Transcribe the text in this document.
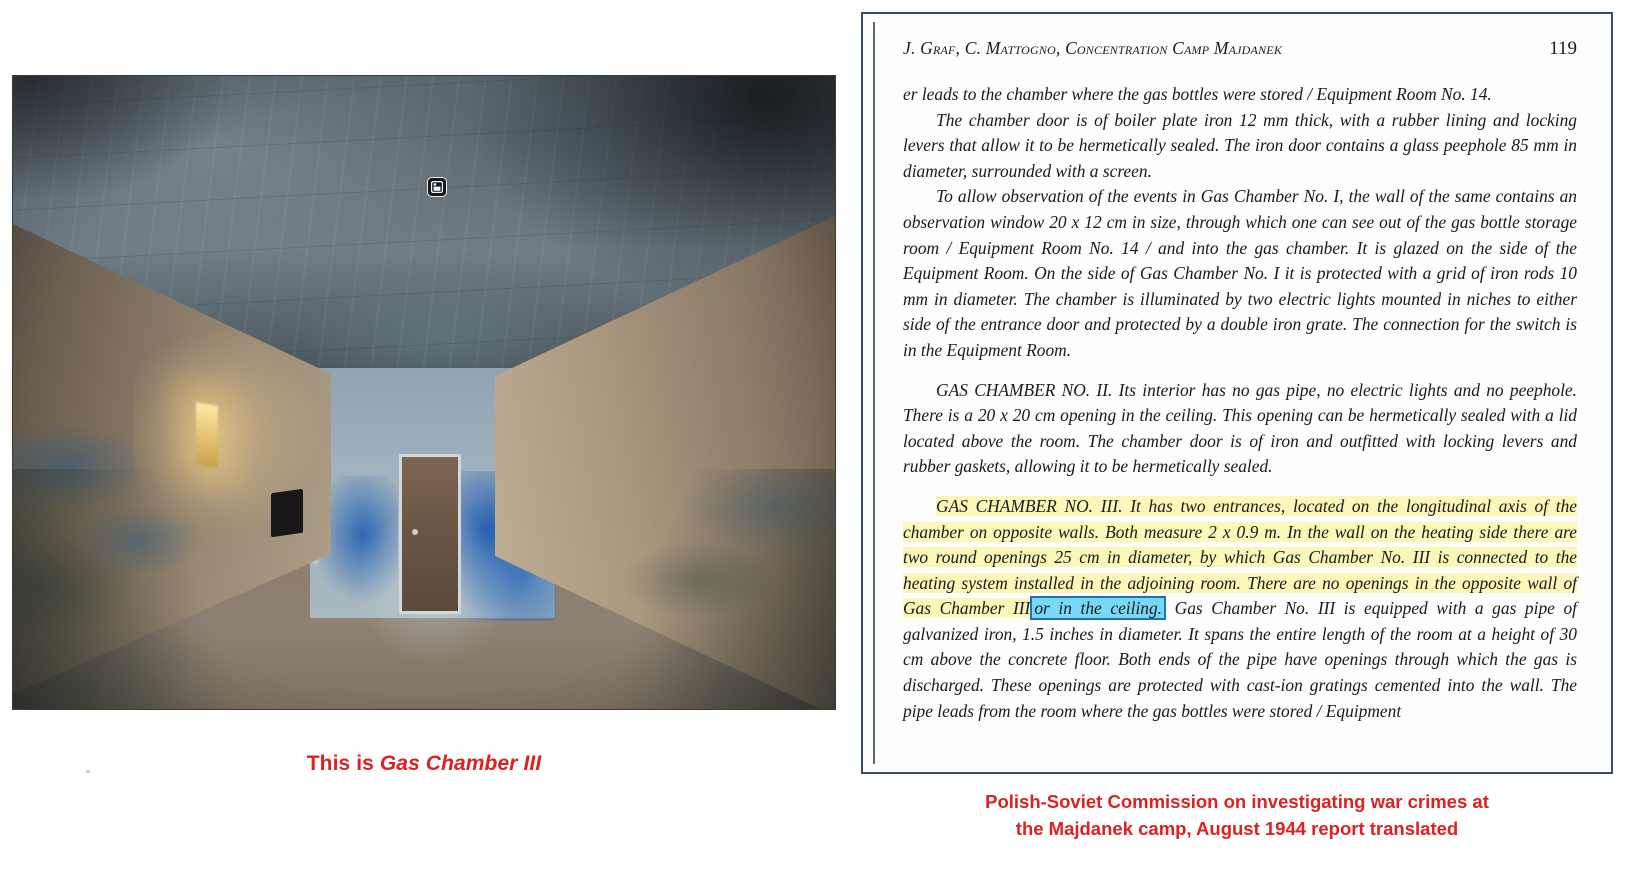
This is Gas Chamber III
J. Graf, C. Mattogno, Concentration Camp Majdanek	119

er leads to the chamber where the gas bottles were stored / Equipment Room No. 14.

The chamber door is of boiler plate iron 12 mm thick, with a rubber lining and locking levers that allow it to be hermetically sealed. The iron door contains a glass peephole 85 mm in diameter, surrounded with a screen.

To allow observation of the events in Gas Chamber No. I, the wall of the same contains an observation window 20 x 12 cm in size, through which one can see out of the gas bottle storage room / Equipment Room No. 14 / and into the gas chamber. It is glazed on the side of the Equipment Room. On the side of Gas Chamber No. I it is protected with a grid of iron rods 10 mm in diameter. The chamber is illuminated by two electric lights mounted in niches to either side of the entrance door and protected by a double iron grate. The connection for the switch is in the Equipment Room.

GAS CHAMBER NO. II. Its interior has no gas pipe, no electric lights and no peephole. There is a 20 x 20 cm opening in the ceiling. This opening can be hermetically sealed with a lid located above the room. The chamber door is of iron and outfitted with locking levers and rubber gaskets, allowing it to be hermetically sealed.

GAS CHAMBER NO. III. It has two entrances, located on the longitudinal axis of the chamber on opposite walls. Both measure 2 x 0.9 m. In the wall on the heating side there are two round openings 25 cm in diameter, by which Gas Chamber No. III is connected to the heating system installed in the adjoining room. There are no openings in the opposite wall of Gas Chamber III or in the ceiling. Gas Chamber No. III is equipped with a gas pipe of galvanized iron, 1.5 inches in diameter. It spans the entire length of the room at a height of 30 cm above the concrete floor. Both ends of the pipe have openings through which the gas is discharged. These openings are protected with cast-ion gratings cemented into the wall. The pipe leads from the room where the gas bottles were stored / Equipment

Polish-Soviet Commission on investigating war crimes at
the Majdanek camp, August 1944 report translated
